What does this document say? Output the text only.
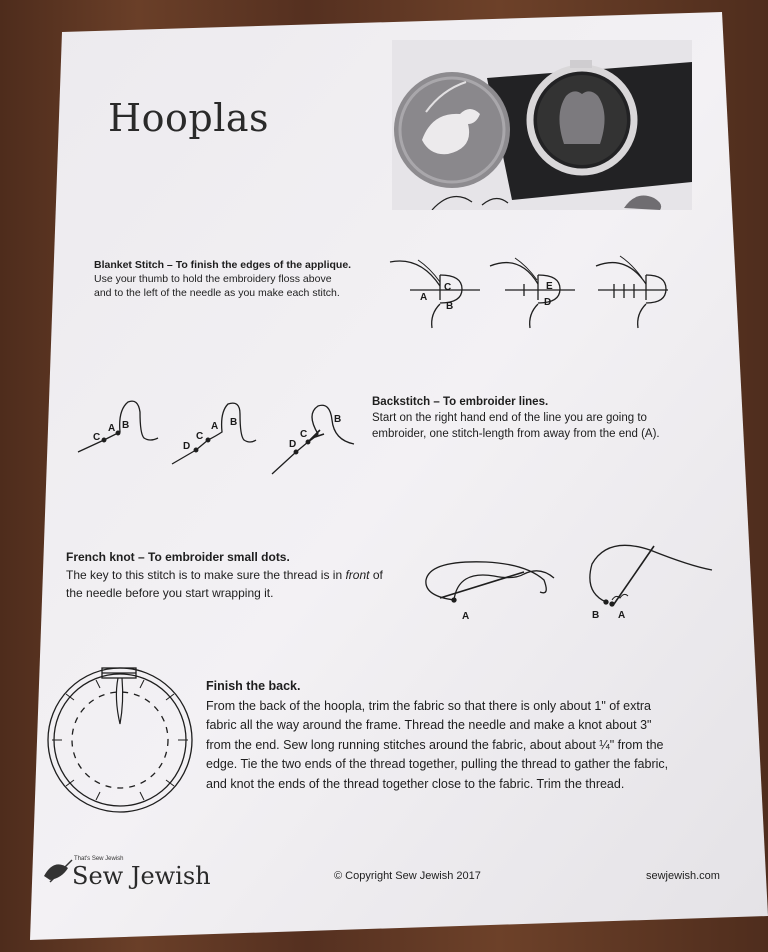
Hooplas
Blanket Stitch – To finish the edges of the applique.
Use your thumb to hold the embroidery floss above
and to the left of the needle as you make each stitch.
Backstitch – To embroider lines.
Start on the right hand end of the line you are going to
embroider, one stitch-length from away from the end (A).
French knot – To embroider small dots.
The key to this stitch is to make sure the thread is in front of
the needle before you start wrapping it.
Finish the back.
From the back of the hoopla, trim the fabric so that there is only about 1" of extra
fabric all the way around the frame. Thread the needle and make a knot about 3"
from the end. Sew long running stitches around the fabric, about about ¼" from the
edge. Tie the two ends of the thread together, pulling the thread to gather the fabric,
and knot the ends of the thread together close to the fabric. Trim the thread.
A
B
C	E
D
C
A B
D
C
A B
D
C
B
A	B A
That's Sew Jewish
Sew Jewish	© Copyright Sew Jewish 2017	sewjewish.com
